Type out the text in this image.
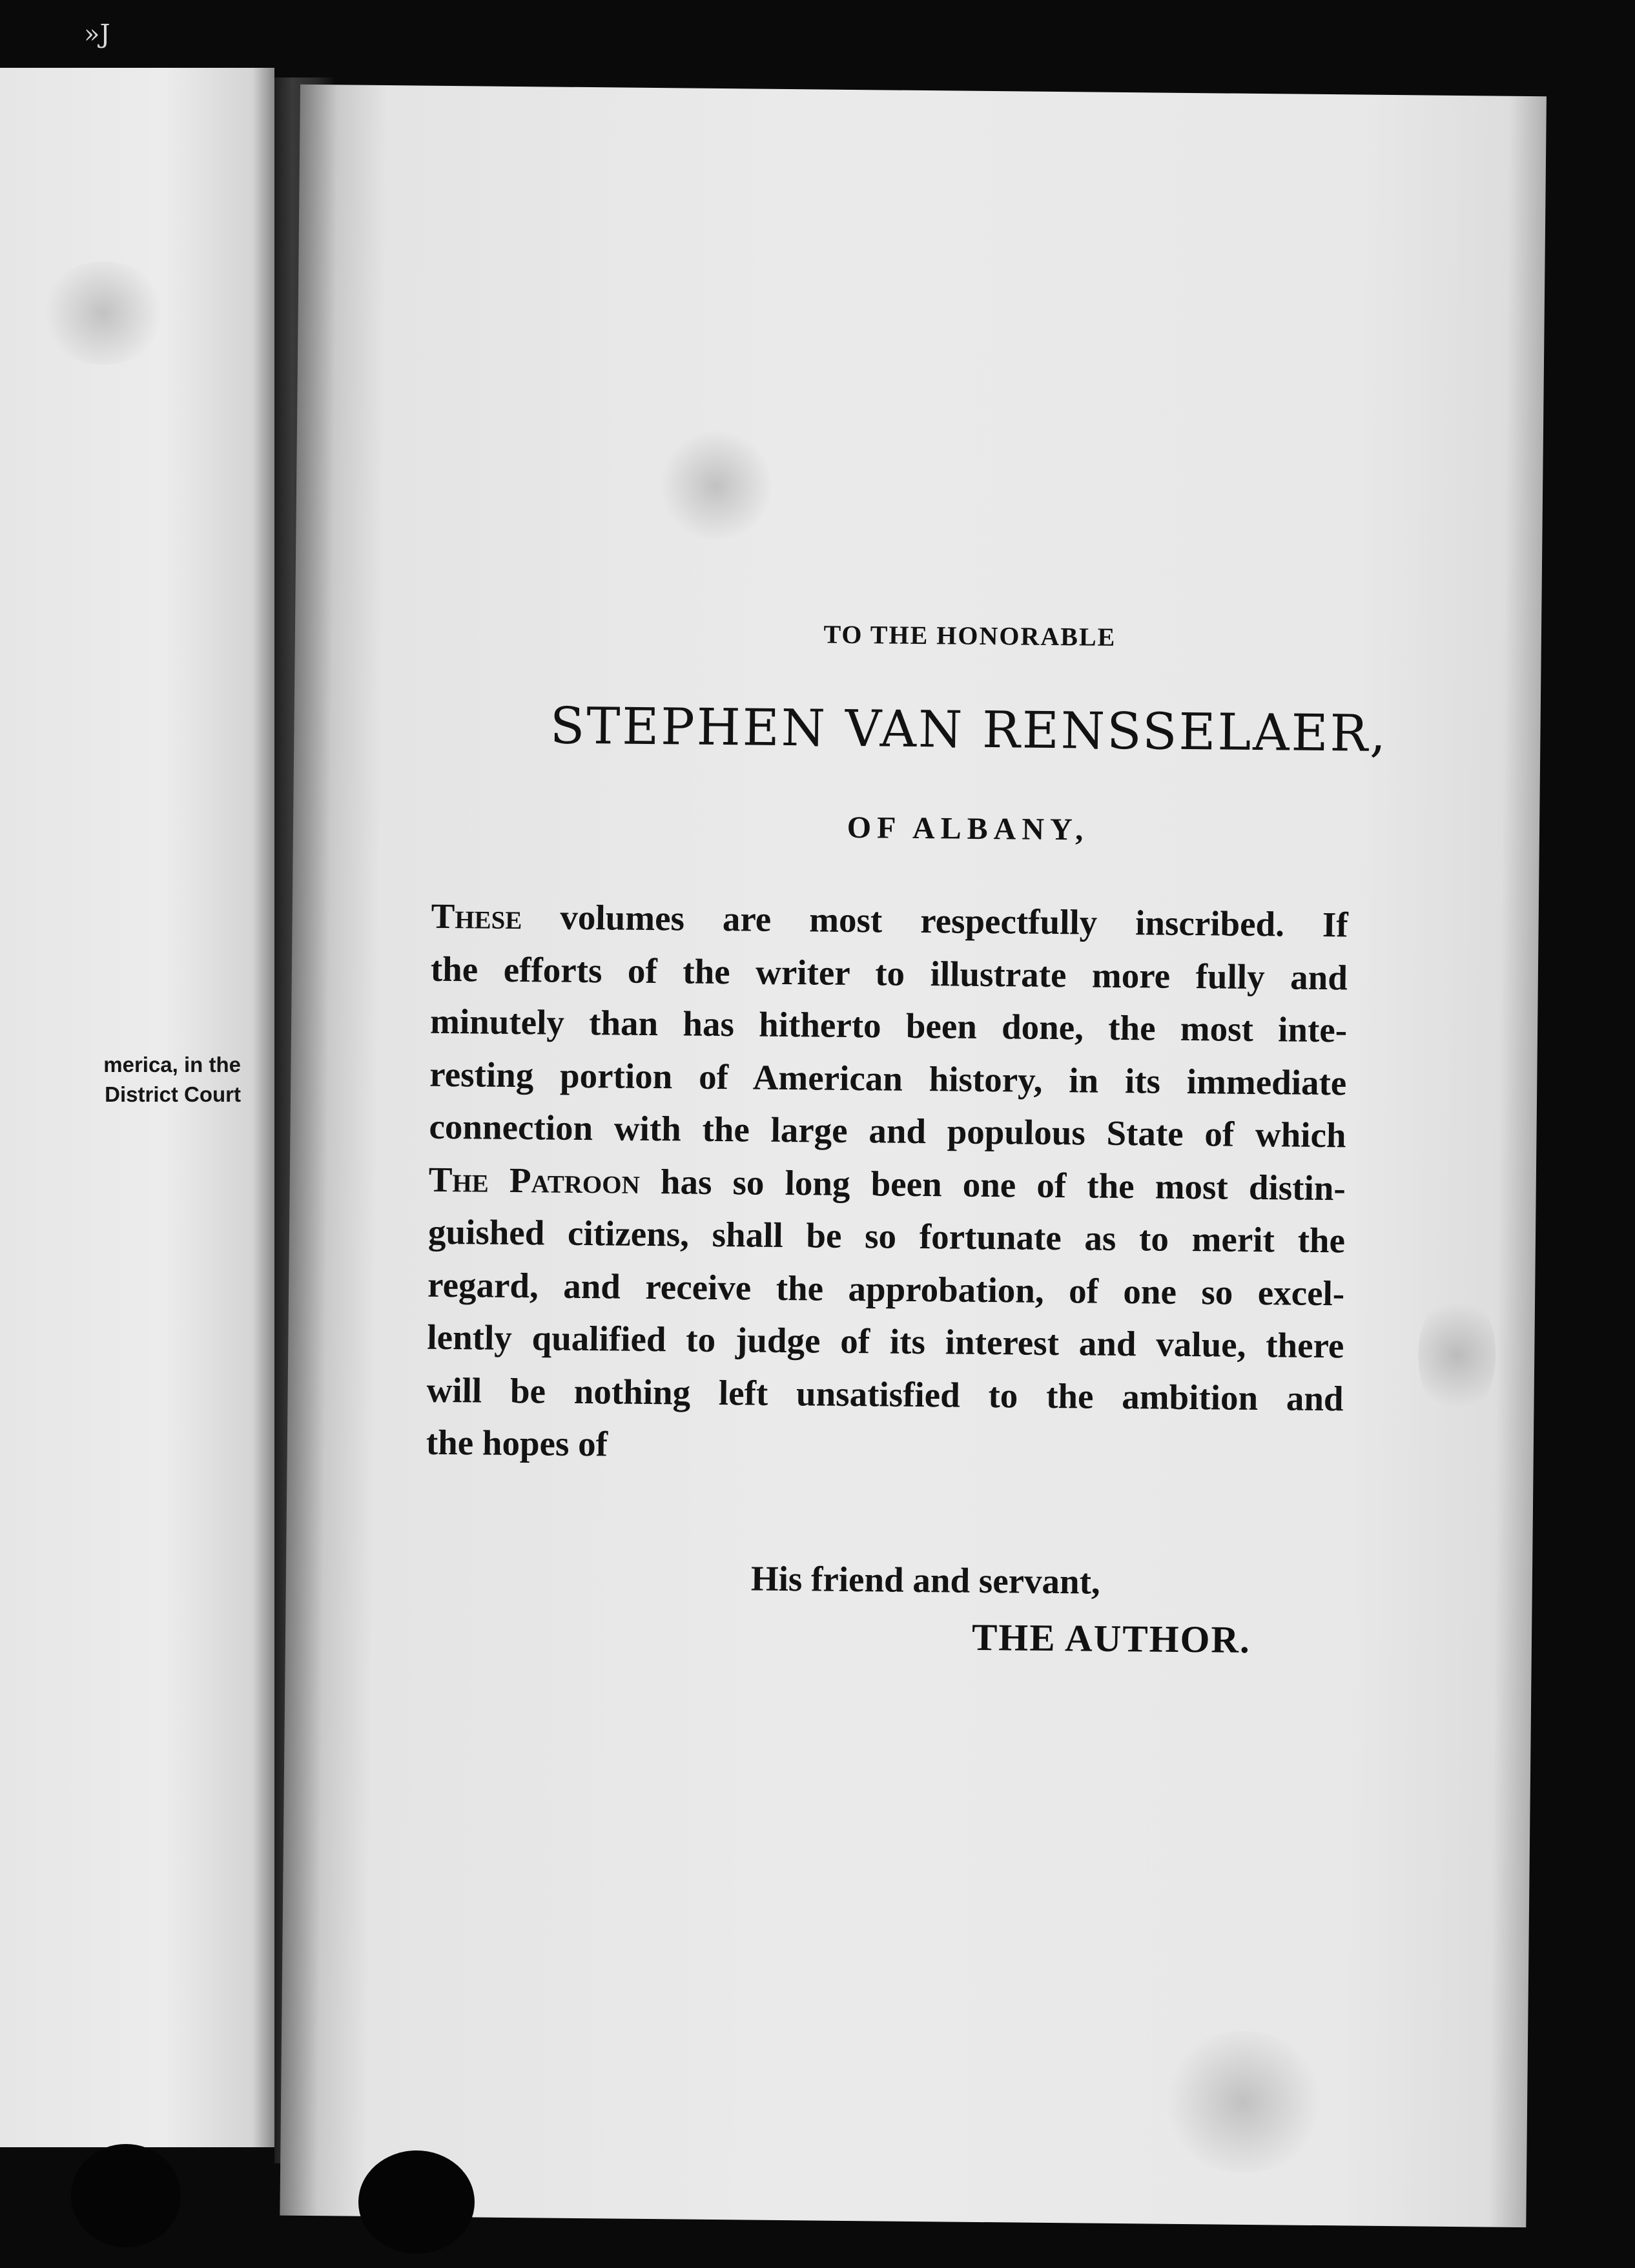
»J
merica, in the
District Court
TO THE HONORABLE
STEPHEN VAN RENSSELAER,
OF ALBANY,
These volumes are most respectfully inscribed. If
the efforts of the writer to illustrate more fully and
minutely than has hitherto been done, the most inte-
resting portion of American history, in its immediate
connection with the large and populous State of which
The Patroon has so long been one of the most distin-
guished citizens, shall be so fortunate as to merit the
regard, and receive the approbation, of one so excel-
lently qualified to judge of its interest and value, there
will be nothing left unsatisfied to the ambition and
the hopes of
His friend and servant,
THE AUTHOR.
